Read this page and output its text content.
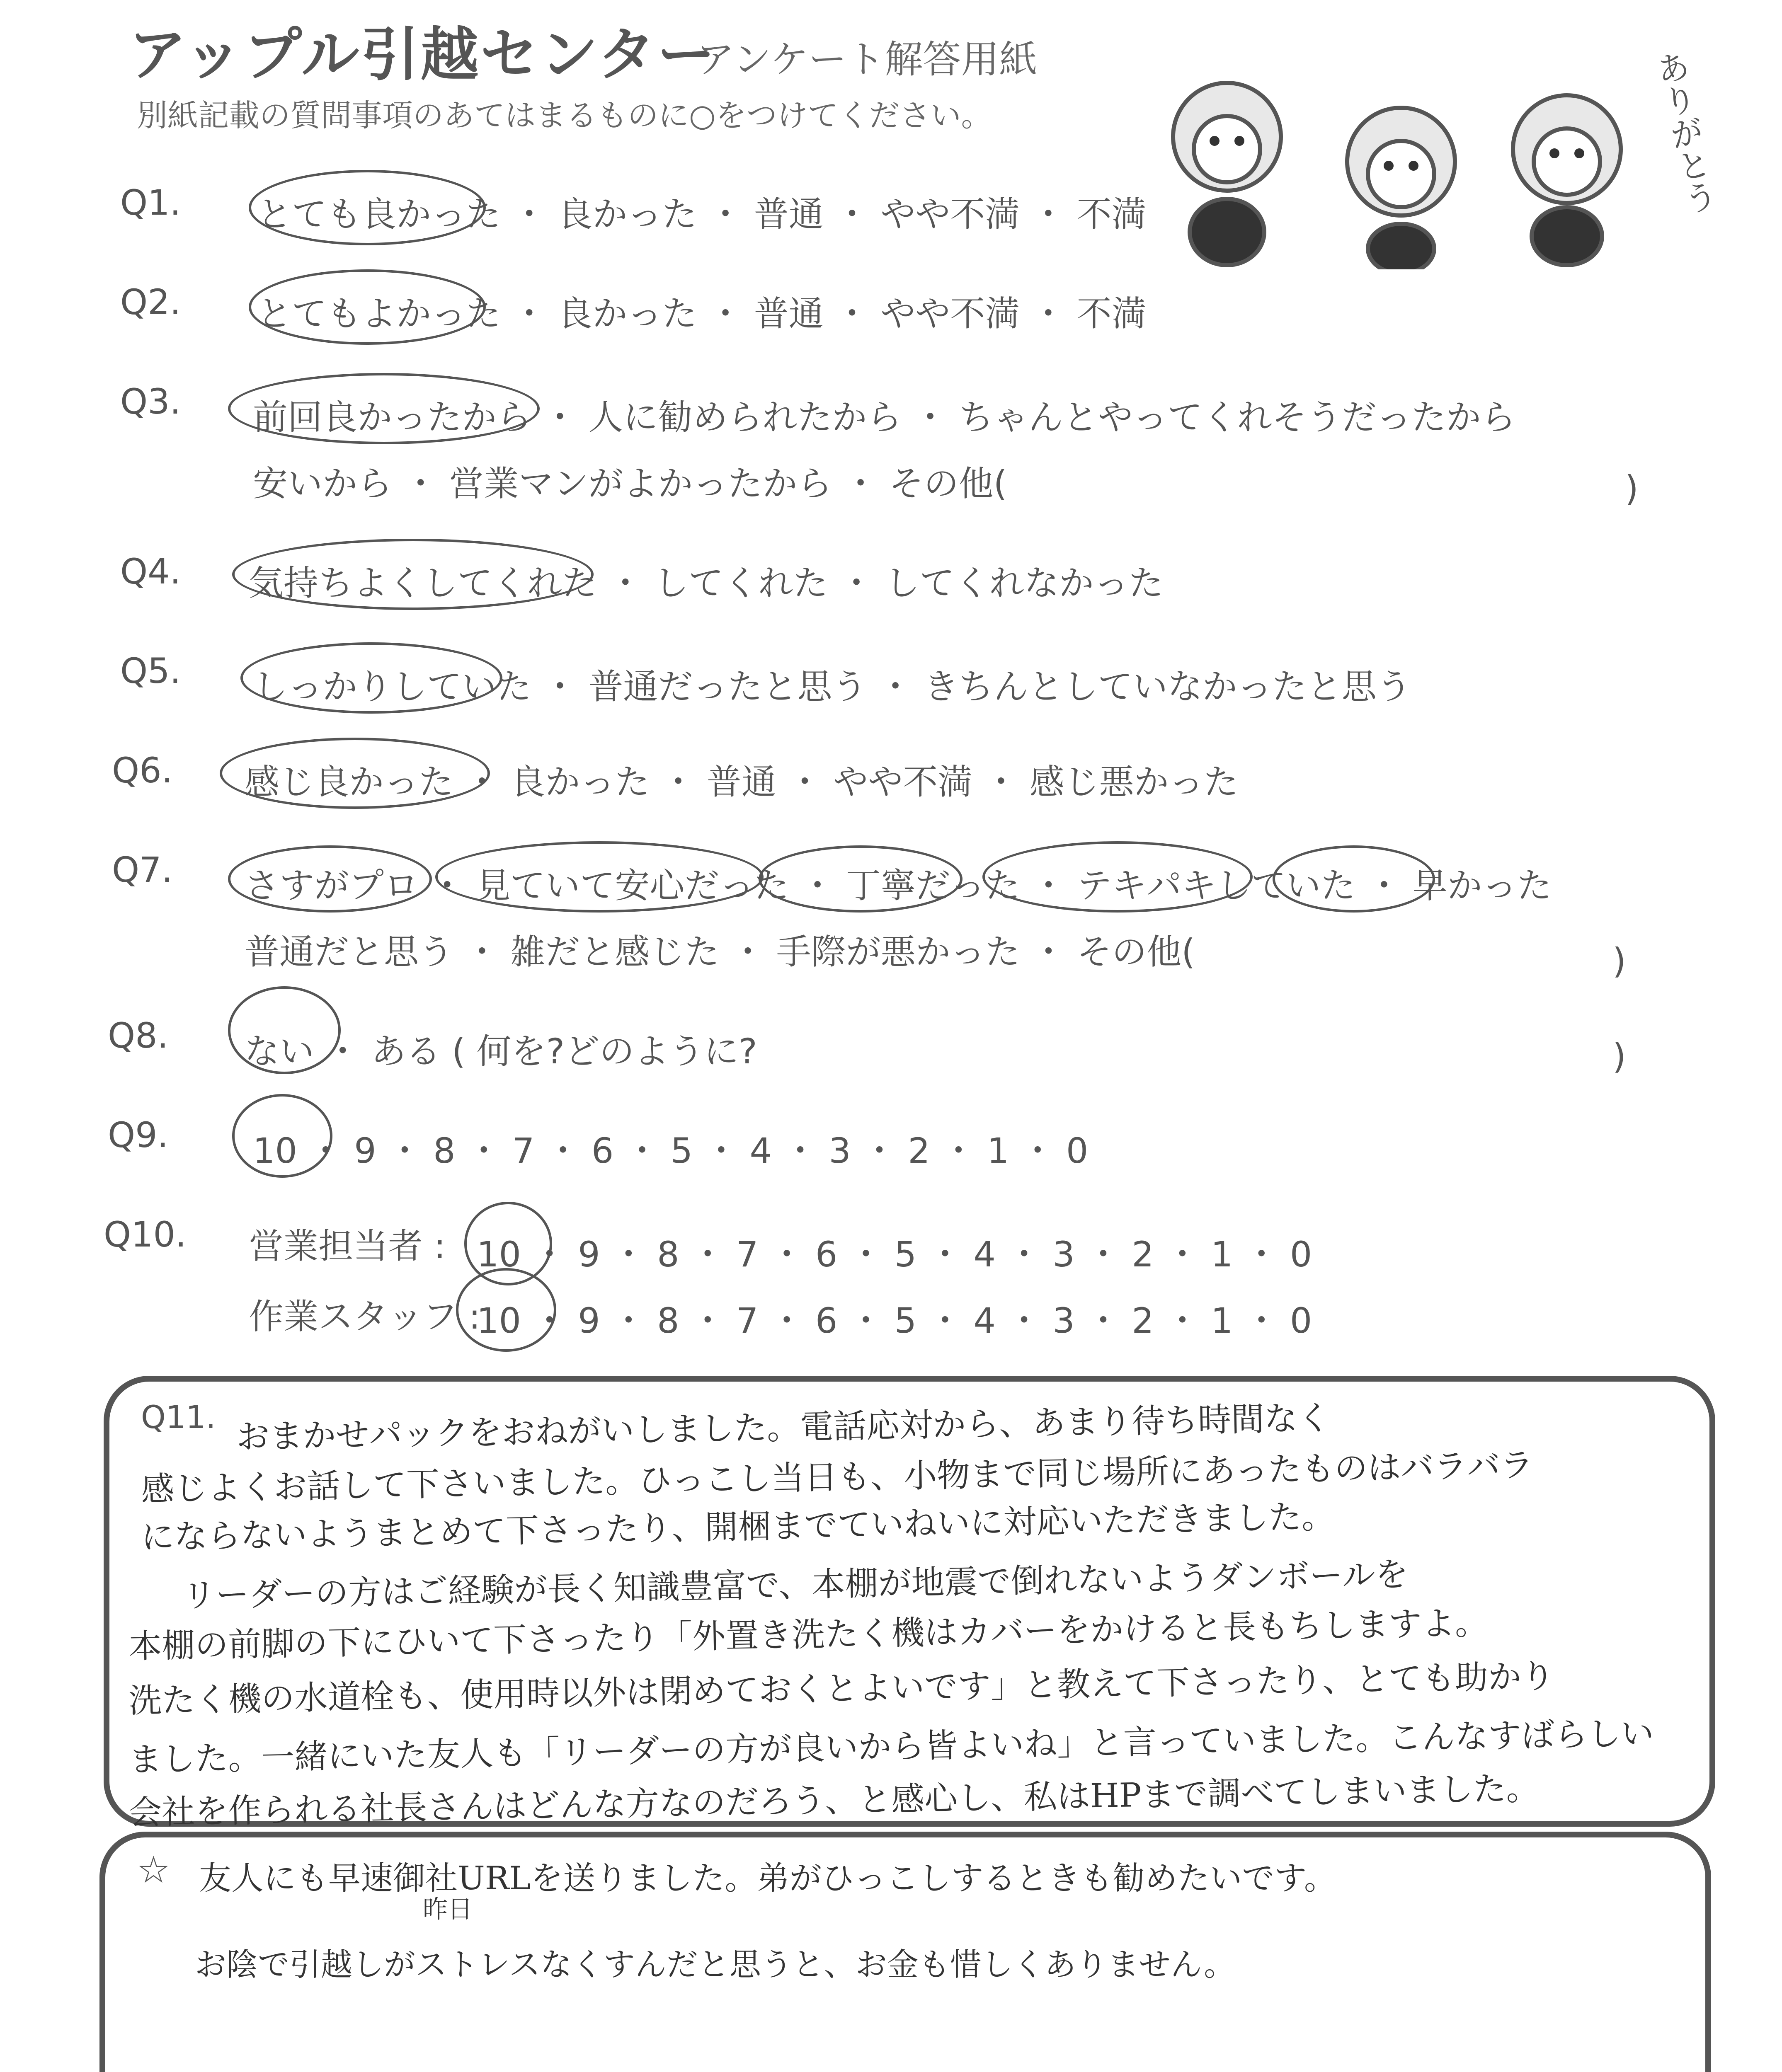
アップル引越センター
アンケート解答用紙
別紙記載の質問事項のあてはまるものに○をつけてください。	ありがとう
Q1. とても良かった ・ 良かった ・ 普通 ・ やや不満 ・ 不満
Q2. とてもよかった ・ 良かった ・ 普通 ・ やや不満 ・ 不満
Q3. 前回良かったから ・ 人に勧められたから ・ ちゃんとやってくれそうだったから
安いから ・ 営業マンがよかったから ・ その他(	)
Q4. 気持ちよくしてくれた ・ してくれた ・ してくれなかった
Q5. しっかりしていた ・ 普通だったと思う ・ きちんとしていなかったと思う
Q6. 感じ良かった ・ 良かった ・ 普通 ・ やや不満 ・ 感じ悪かった
Q7. さすがプロ ・ 見ていて安心だった ・ 丁寧だった ・ テキパキしていた ・ 早かった
普通だと思う ・ 雑だと感じた ・ 手際が悪かった ・ その他(	)
Q8. ない ・ ある ( 何を?どのように?	)
Q9. 10 ・ 9 ・ 8 ・ 7 ・ 6 ・ 5 ・ 4 ・ 3 ・ 2 ・ 1 ・ 0
Q10. 営業担当者 : 10 ・ 9 ・ 8 ・ 7 ・ 6 ・ 5 ・ 4 ・ 3 ・ 2 ・ 1 ・ 0
作業スタッフ :
10 ・ 9 ・ 8 ・ 7 ・ 6 ・ 5 ・ 4 ・ 3 ・ 2 ・ 1 ・ 0
Q11. おまかせパックをおねがいしました。電話応対から、あまり待ち時間なく
感じよくお話して下さいました。ひっこし当日も、小物まで同じ場所にあったものはバラバラ
にならないようまとめて下さったり、開梱までていねいに対応いただきました。
リーダーの方はご経験が長く知識豊富で、本棚が地震で倒れないようダンボールを
本棚の前脚の下にひいて下さったり「外置き洗たく機はカバーをかけると長もちしますよ。
洗たく機の水道栓も、使用時以外は閉めておくとよいです」と教えて下さったり、とても助かり
ました。一緒にいた友人も「リーダーの方が良いから皆よいね」と言っていました。こんなすばらしい
会社を作られる社長さんはどんな方なのだろう、と感心し、私はHPまで調べてしまいました。
☆ 友人にも早速御社URLを送りました。弟がひっこしするときも勧めたいです。
昨日
お陰で引越しがストレスなくすんだと思うと、お金も惜しくありません。
